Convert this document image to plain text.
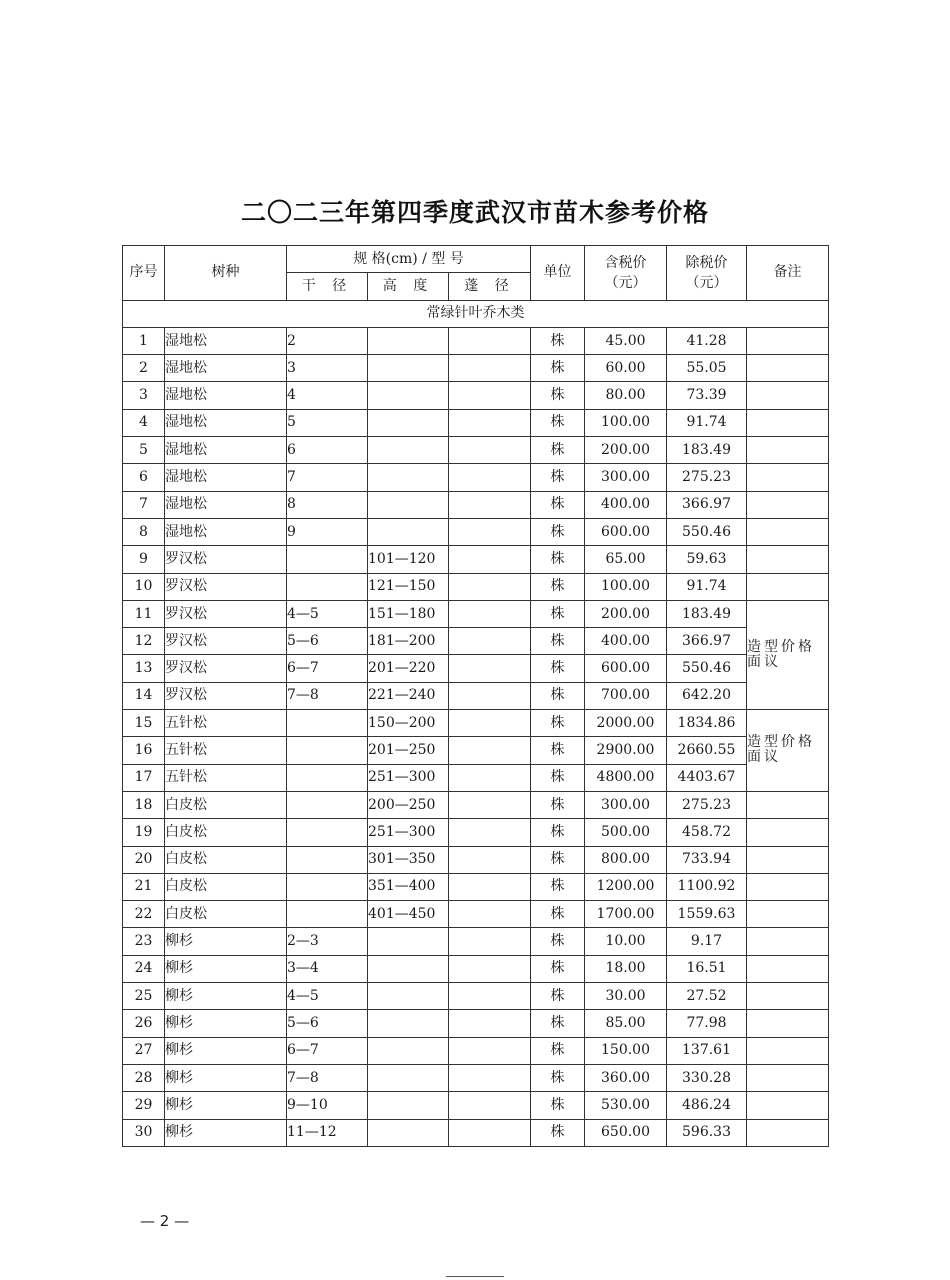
二〇二三年第四季度武汉市苗木参考价格
序号	树种	规 格(cm) / 型 号			单位	含税价（元）	除税价（元）	备注
		干 径	高 度	蓬 径				
常绿针叶乔木类								
1	湿地松	2			株	45.00	41.28	
2	湿地松	3			株	60.00	55.05	
3	湿地松	4			株	80.00	73.39	
4	湿地松	5			株	100.00	91.74	
5	湿地松	6			株	200.00	183.49	
6	湿地松	7			株	300.00	275.23	
7	湿地松	8			株	400.00	366.97	
8	湿地松	9			株	600.00	550.46	
9	罗汉松		101—120		株	65.00	59.63	
10	罗汉松		121—150		株	100.00	91.74	
11	罗汉松	4—5	151—180		株	200.00	183.49	造型价格面议
12	罗汉松	5—6	181—200		株	400.00	366.97	
13	罗汉松	6—7	201—220		株	600.00	550.46	
14	罗汉松	7—8	221—240		株	700.00	642.20	
15	五针松		150—200		株	2000.00	1834.86	造型价格面议
16	五针松		201—250		株	2900.00	2660.55	
17	五针松		251—300		株	4800.00	4403.67	
18	白皮松		200—250		株	300.00	275.23	
19	白皮松		251—300		株	500.00	458.72	
20	白皮松		301—350		株	800.00	733.94	
21	白皮松		351—400		株	1200.00	1100.92	
22	白皮松		401—450		株	1700.00	1559.63	
23	柳杉	2—3			株	10.00	9.17	
24	柳杉	3—4			株	18.00	16.51	
25	柳杉	4—5			株	30.00	27.52	
26	柳杉	5—6			株	85.00	77.98	
27	柳杉	6—7			株	150.00	137.61	
28	柳杉	7—8			株	360.00	330.28	
29	柳杉	9—10			株	530.00	486.24	
30	柳杉	11—12			株	650.00	596.33	
— 2 —
